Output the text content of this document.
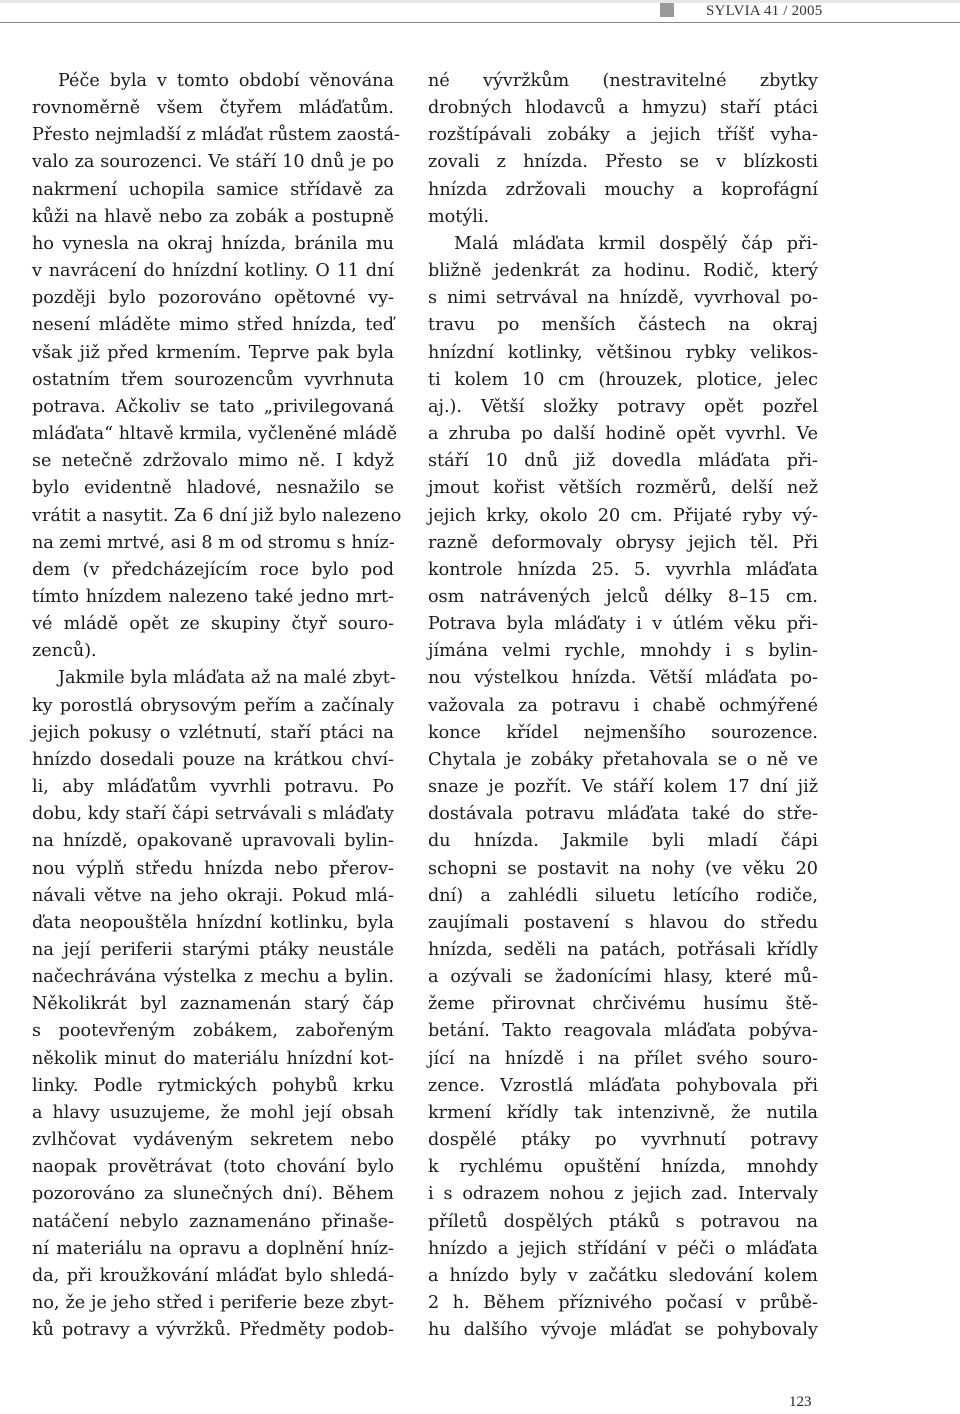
SYLVIA 41 / 2005

Péče byla v tomto období věnována
rovnoměrně všem čtyřem mláďatům.
Přesto nejmladší z mláďat růstem zaostá-
valo za sourozenci. Ve stáří 10 dnů je po
nakrmení uchopila samice střídavě za
kůži na hlavě nebo za zobák a postupně
ho vynesla na okraj hnízda, bránila mu
v navrácení do hnízdní kotliny. O 11 dní
později bylo pozorováno opětovné vy-
nesení mláděte mimo střed hnízda, teď
však již před krmením. Teprve pak byla
ostatním třem sourozencům vyvrhnuta
potrava. Ačkoliv se tato „privilegovaná
mláďata“ hltavě krmila, vyčleněné mládě
se netečně zdržovalo mimo ně. I když
bylo evidentně hladové, nesnažilo se
vrátit a nasytit. Za 6 dní již bylo nalezeno
na zemi mrtvé, asi 8 m od stromu s hníz-
dem (v předcházejícím roce bylo pod
tímto hnízdem nalezeno také jedno mrt-
vé mládě opět ze skupiny čtyř souro-
zenců).

Jakmile byla mláďata až na malé zbyt-
ky porostlá obrysovým peřím a začínaly
jejich pokusy o vzlétnutí, staří ptáci na
hnízdo dosedali pouze na krátkou chví-
li, aby mláďatům vyvrhli potravu. Po
dobu, kdy staří čápi setrvávali s mláďaty
na hnízdě, opakovaně upravovali bylin-
nou výplň středu hnízda nebo přerov-
návali větve na jeho okraji. Pokud mlá-
ďata neopouštěla hnízdní kotlinku, byla
na její periferii starými ptáky neustále
načechrávána výstelka z mechu a bylin.
Několikrát byl zaznamenán starý čáp
s pootevřeným zobákem, zabořeným
několik minut do materiálu hnízdní kot-
linky. Podle rytmických pohybů krku
a hlavy usuzujeme, že mohl její obsah
zvlhčovat vydáveným sekretem nebo
naopak provětrávat (toto chování bylo
pozorováno za slunečných dní). Během
natáčení nebylo zaznamenáno přinaše-
ní materiálu na opravu a doplnění hníz-
da, při kroužkování mláďat bylo shledá-
no, že je jeho střed i periferie beze zbyt-
ků potravy a vývržků. Předměty podob-

né vývržkům (nestravitelné zbytky
drobných hlodavců a hmyzu) staří ptáci
rozštípávali zobáky a jejich tříšť vyha-
zovali z hnízda. Přesto se v blízkosti
hnízda zdržovali mouchy a koprofágní
motýli.

Malá mláďata krmil dospělý čáp při-
bližně jedenkrát za hodinu. Rodič, který
s nimi setrvával na hnízdě, vyvrhoval po-
travu po menších částech na okraj
hnízdní kotlinky, většinou rybky velikos-
ti kolem 10 cm (hrouzek, plotice, jelec
aj.). Větší složky potravy opět pozřel
a zhruba po další hodině opět vyvrhl. Ve
stáří 10 dnů již dovedla mláďata při-
jmout kořist větších rozměrů, delší než
jejich krky, okolo 20 cm. Přijaté ryby vý-
razně deformovaly obrysy jejich těl. Při
kontrole hnízda 25. 5. vyvrhla mláďata
osm natrávených jelců délky 8–15 cm.
Potrava byla mláďaty i v útlém věku při-
jímána velmi rychle, mnohdy i s bylin-
nou výstelkou hnízda. Větší mláďata po-
važovala za potravu i chabě ochmýřené
konce křídel nejmenšího sourozence.
Chytala je zobáky přetahovala se o ně ve
snaze je pozřít. Ve stáří kolem 17 dní již
dostávala potravu mláďata také do stře-
du hnízda. Jakmile byli mladí čápi
schopni se postavit na nohy (ve věku 20
dní) a zahlédli siluetu letícího rodiče,
zaujímali postavení s hlavou do středu
hnízda, seděli na patách, potřásali křídly
a ozývali se žadonícími hlasy, které mů-
žeme přirovnat chrčivému husímu ště-
betání. Takto reagovala mláďata pobýva-
jící na hnízdě i na přílet svého souro-
zence. Vzrostlá mláďata pohybovala při
krmení křídly tak intenzivně, že nutila
dospělé ptáky po vyvrhnutí potravy
k rychlému opuštění hnízda, mnohdy
i s odrazem nohou z jejich zad. Intervaly
příletů dospělých ptáků s potravou na
hnízdo a jejich střídání v péči o mláďata
a hnízdo byly v začátku sledování kolem
2 h. Během příznivého počasí v průbě-
hu dalšího vývoje mláďat se pohybovaly

123
